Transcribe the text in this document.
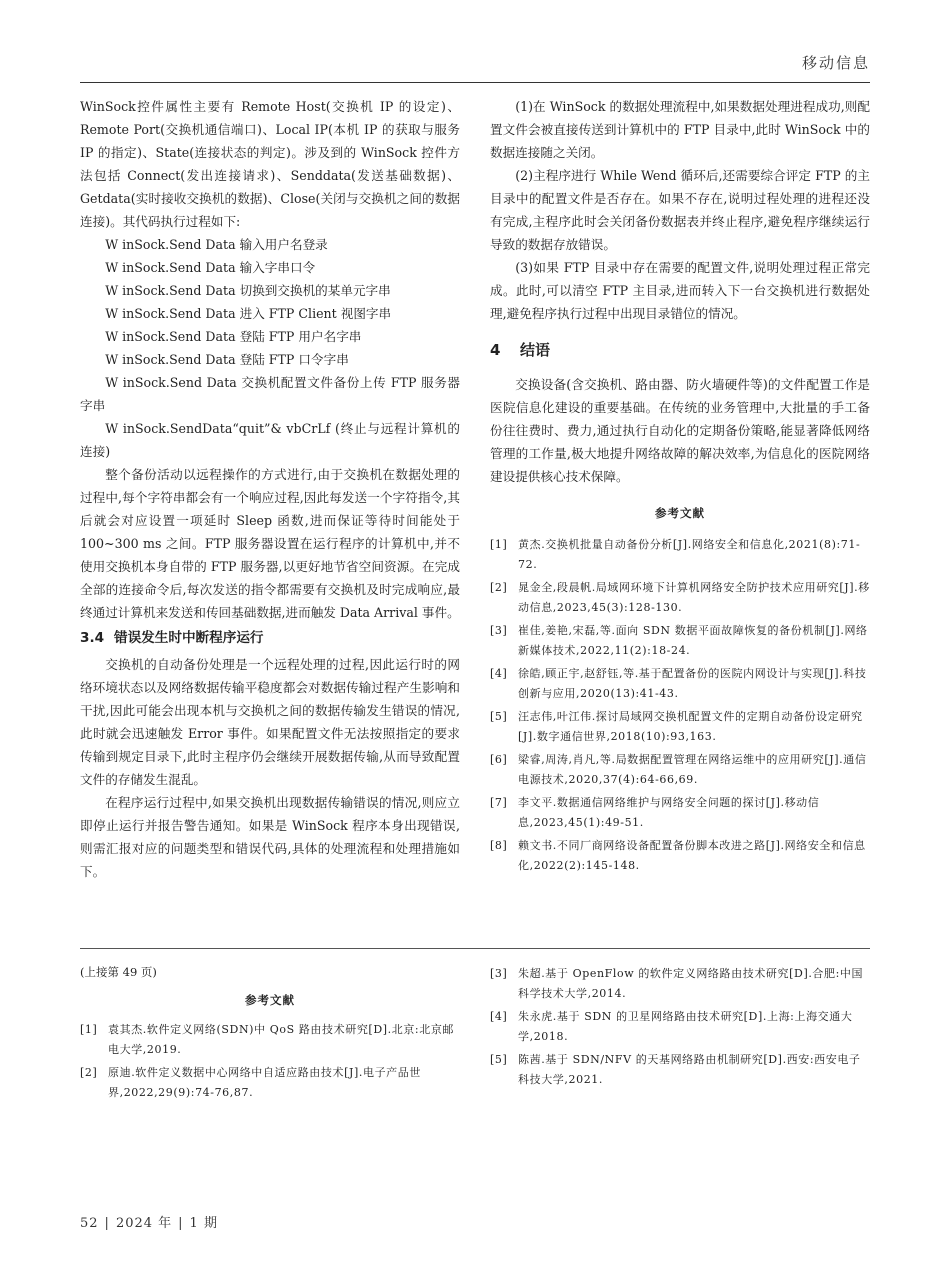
移动信息

WinSock控件属性主要有 Remote Host(交换机 IP 的设定)、Remote Port(交换机通信端口)、Local IP(本机 IP 的获取与服务 IP 的指定)、State(连接状态的判定)。涉及到的 WinSock 控件方法包括 Connect(发出连接请求)、Senddata(发送基础数据)、Getdata(实时接收交换机的数据)、Close(关闭与交换机之间的数据连接)。其代码执行过程如下:

W inSock.Send Data 输入用户名登录

W inSock.Send Data 输入字串口令

W inSock.Send Data 切换到交换机的某单元字串

W inSock.Send Data 进入 FTP Client 视图字串

W inSock.Send Data 登陆 FTP 用户名字串

W inSock.Send Data 登陆 FTP 口令字串

W inSock.Send Data 交换机配置文件备份上传 FTP 服务器字串

W inSock.SendData“quit”& vbCrLf (终止与远程计算机的连接)

整个备份活动以远程操作的方式进行,由于交换机在数据处理的过程中,每个字符串都会有一个响应过程,因此每发送一个字符指令,其后就会对应设置一项延时 Sleep 函数,进而保证等待时间能处于 100~300 ms 之间。FTP 服务器设置在运行程序的计算机中,并不使用交换机本身自带的 FTP 服务器,以更好地节省空间资源。在完成全部的连接命令后,每次发送的指令都需要有交换机及时完成响应,最终通过计算机来发送和传回基础数据,进而触发 Data Arrival 事件。

3.4 错误发生时中断程序运行

交换机的自动备份处理是一个远程处理的过程,因此运行时的网络环境状态以及网络数据传输平稳度都会对数据传输过程产生影响和干扰,因此可能会出现本机与交换机之间的数据传输发生错误的情况,此时就会迅速触发 Error 事件。如果配置文件无法按照指定的要求传输到规定目录下,此时主程序仍会继续开展数据传输,从而导致配置文件的存储发生混乱。

在程序运行过程中,如果交换机出现数据传输错误的情况,则应立即停止运行并报告警告通知。如果是 WinSock 程序本身出现错误,则需汇报对应的问题类型和错误代码,具体的处理流程和处理措施如下。

(1)在 WinSock 的数据处理流程中,如果数据处理进程成功,则配置文件会被直接传送到计算机中的 FTP 目录中,此时 WinSock 中的数据连接随之关闭。

(2)主程序进行 While Wend 循环后,还需要综合评定 FTP 的主目录中的配置文件是否存在。如果不存在,说明过程处理的进程还没有完成,主程序此时会关闭备份数据表并终止程序,避免程序继续运行导致的数据存放错误。

(3)如果 FTP 目录中存在需要的配置文件,说明处理过程正常完成。此时,可以清空 FTP 主目录,进而转入下一台交换机进行数据处理,避免程序执行过程中出现目录错位的情况。

4 结语

交换设备(含交换机、路由器、防火墙硬件等)的文件配置工作是医院信息化建设的重要基础。在传统的业务管理中,大批量的手工备份往往费时、费力,通过执行自动化的定期备份策略,能显著降低网络管理的工作量,极大地提升网络故障的解决效率,为信息化的医院网络建设提供核心技术保障。

参考文献
[1] 黄杰.交换机批量自动备份分析[J].网络安全和信息化,2021(8):71-72.
[2] 晁金全,段晨帆.局域网环境下计算机网络安全防护技术应用研究[J].移动信息,2023,45(3):128-130.
[3] 崔佳,姜艳,宋磊,等.面向 SDN 数据平面故障恢复的备份机制[J].网络新媒体技术,2022,11(2):18-24.
[4] 徐皓,顾正宇,赵舒钰,等.基于配置备份的医院内网设计与实现[J].科技创新与应用,2020(13):41-43.
[5] 汪志伟,叶江伟.探讨局域网交换机配置文件的定期自动备份设定研究[J].数字通信世界,2018(10):93,163.
[6] 梁睿,周涛,肖凡,等.局数据配置管理在网络运维中的应用研究[J].通信电源技术,2020,37(4):64-66,69.
[7] 李文平.数据通信网络维护与网络安全问题的探讨[J].移动信息,2023,45(1):49-51.
[8] 赖文书.不同厂商网络设备配置备份脚本改进之路[J].网络安全和信息化,2022(2):145-148.
(上接第 49 页)
参考文献
[1] 袁其杰.软件定义网络(SDN)中 QoS 路由技术研究[D].北京:北京邮电大学,2019.
[2] 原迪.软件定义数据中心网络中自适应路由技术[J].电子产品世界,2022,29(9):74-76,87.
[3] 朱超.基于 OpenFlow 的软件定义网络路由技术研究[D].合肥:中国科学技术大学,2014.
[4] 朱永虎.基于 SDN 的卫星网络路由技术研究[D].上海:上海交通大学,2018.
[5] 陈茜.基于 SDN/NFV 的天基网络路由机制研究[D].西安:西安电子科技大学,2021.
52 | 2024 年 | 1 期
